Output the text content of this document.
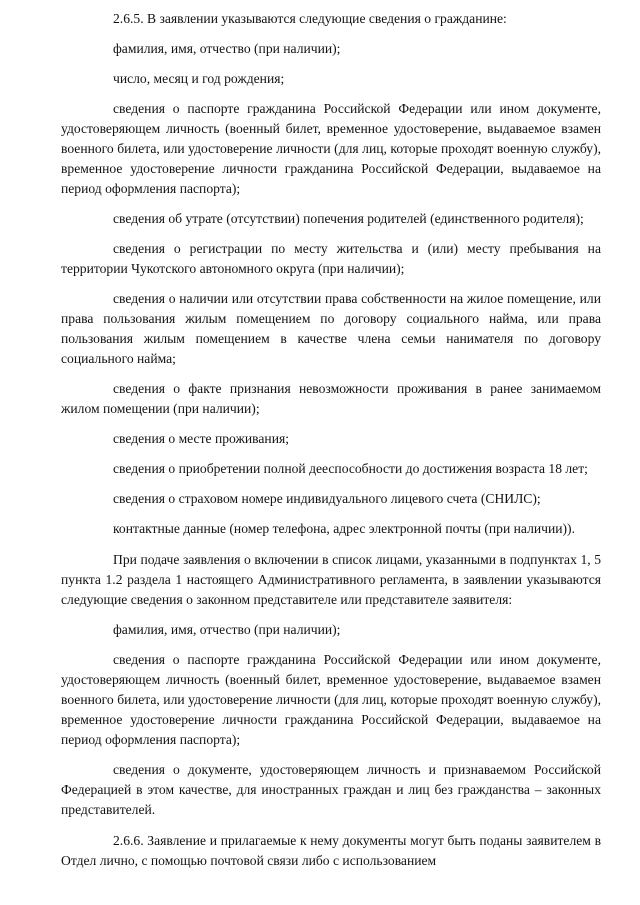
2.6.5. В заявлении указываются следующие сведения о гражданине:

фамилия, имя, отчество (при наличии);

число, месяц и год рождения;

сведения о паспорте гражданина Российской Федерации или ином документе, удостоверяющем личность (военный билет, временное удостоверение, выдаваемое взамен военного билета, или удостоверение личности (для лиц, которые проходят военную службу), временное удостоверение личности гражданина Российской Федерации, выдаваемое на период оформления паспорта);

сведения об утрате (отсутствии) попечения родителей (единственного родителя);

сведения о регистрации по месту жительства и (или) месту пребывания на территории Чукотского автономного округа (при наличии);

сведения о наличии или отсутствии права собственности на жилое помещение, или права пользования жилым помещением по договору социального найма, или права пользования жилым помещением в качестве члена семьи нанимателя по договору социального найма;

сведения о факте признания невозможности проживания в ранее занимаемом жилом помещении (при наличии);

сведения о месте проживания;

сведения о приобретении полной дееспособности до достижения возраста 18 лет;

сведения о страховом номере индивидуального лицевого счета (СНИЛС);

контактные данные (номер телефона, адрес электронной почты (при наличии)).

При подаче заявления о включении в список лицами, указанными в подпунктах 1, 5 пункта 1.2 раздела 1 настоящего Административного регламента, в заявлении указываются следующие сведения о законном представителе или представителе заявителя:

фамилия, имя, отчество (при наличии);

сведения о паспорте гражданина Российской Федерации или ином документе, удостоверяющем личность (военный билет, временное удостоверение, выдаваемое взамен военного билета, или удостоверение личности (для лиц, которые проходят военную службу), временное удостоверение личности гражданина Российской Федерации, выдаваемое на период оформления паспорта);

сведения о документе, удостоверяющем личность и признаваемом Российской Федерацией в этом качестве, для иностранных граждан и лиц без гражданства – законных представителей.

2.6.6. Заявление и прилагаемые к нему документы могут быть поданы заявителем в Отдел лично, с помощью почтовой связи либо с использованием
